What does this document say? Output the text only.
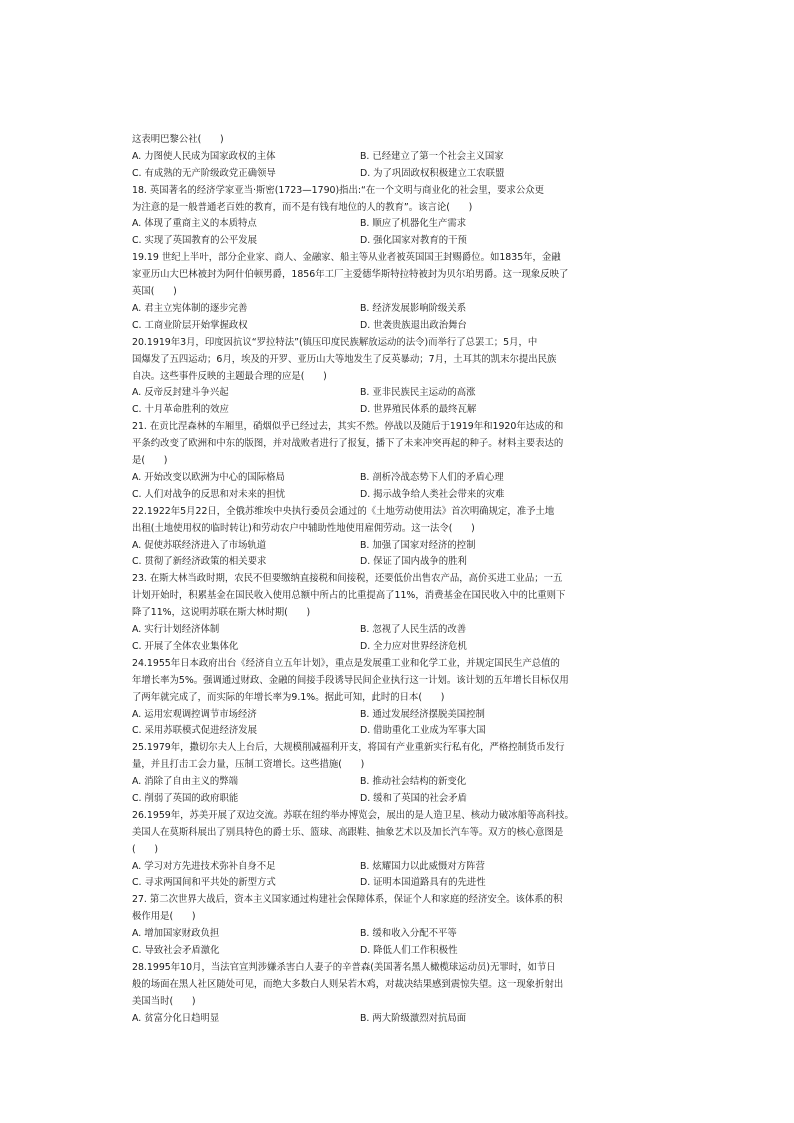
这表明巴黎公社(　　)
A. 力图使人民成为国家政权的主体	B. 已经建立了第一个社会主义国家
C. 有成熟的无产阶级政党正确领导	D. 为了巩固政权积极建立工农联盟
18. 英国著名的经济学家亚当·斯密(1723—1790)指出:“在一个文明与商业化的社会里，要求公众更
为注意的是一般普通老百姓的教育，而不是有钱有地位的人的教育”。该言论(　　)
A. 体现了重商主义的本质特点	B. 顺应了机器化生产需求
C. 实现了英国教育的公平发展	D. 强化国家对教育的干预
19.19 世纪上半叶，部分企业家、商人、金融家、船主等从业者被英国国王封赐爵位。如1835年，金融
家亚历山大巴林被封为阿什伯顿男爵，1856年工厂主爱德华斯特拉特被封为贝尔珀男爵。这一现象反映了
英国(　　)
A. 君主立宪体制的逐步完善	B. 经济发展影响阶级关系
C. 工商业阶层开始掌握政权	D. 世袭贵族退出政治舞台
20.1919年3月，印度因抗议“罗拉特法”(镇压印度民族解放运动的法令)而举行了总罢工；5月，中
国爆发了五四运动；6月，埃及的开罗、亚历山大等地发生了反英暴动；7月，土耳其的凯末尔提出民族
自决。这些事件反映的主题最合理的应是(　　)
A. 反帝反封建斗争兴起	B. 亚非民族民主运动的高涨
C. 十月革命胜利的效应	D. 世界殖民体系的最终瓦解
21. 在贡比涅森林的车厢里，硝烟似乎已经过去，其实不然。停战以及随后于1919年和1920年达成的和
平条约改变了欧洲和中东的版图，并对战败者进行了报复，播下了未来冲突再起的种子。材料主要表达的
是(　　)
A. 开始改变以欧洲为中心的国际格局	B. 剖析冷战态势下人们的矛盾心理
C. 人们对战争的反思和对未来的担忧	D. 揭示战争给人类社会带来的灾难
22.1922年5月22日，全俄苏维埃中央执行委员会通过的《土地劳动使用法》首次明确规定，准予土地
出租(土地使用权的临时转让)和劳动农户中辅助性地使用雇佣劳动。这一法令(　　)
A. 促使苏联经济进入了市场轨道	B. 加强了国家对经济的控制
C. 贯彻了新经济政策的相关要求	D. 保证了国内战争的胜利
23. 在斯大林当政时期，农民不但要缴纳直接税和间接税，还要低价出售农产品，高价买进工业品；一五
计划开始时，积累基金在国民收入使用总额中所占的比重提高了11%，消费基金在国民收入中的比重则下
降了11%，这说明苏联在斯大林时期(　　)
A. 实行计划经济体制	B. 忽视了人民生活的改善
C. 开展了全体农业集体化	D. 全力应对世界经济危机
24.1955年日本政府出台《经济自立五年计划》，重点是发展重工业和化学工业，并规定国民生产总值的
年增长率为5%。强调通过财政、金融的间接手段诱导民间企业执行这一计划。该计划的五年增长目标仅用
了两年就完成了，而实际的年增长率为9.1%。据此可知，此时的日本(　　)
A. 运用宏观调控调节市场经济	B. 通过发展经济摆脱美国控制
C. 采用苏联模式促进经济发展	D. 借助重化工业成为军事大国
25.1979年，撒切尔夫人上台后，大规模削减福利开支，将国有产业重新实行私有化，严格控制货币发行
量，并且打击工会力量，压制工资增长。这些措施(　　)
A. 消除了自由主义的弊端	B. 推动社会结构的新变化
C. 削弱了英国的政府职能	D. 缓和了英国的社会矛盾
26.1959年，苏美开展了双边交流。苏联在纽约举办博览会，展出的是人造卫星、核动力破冰船等高科技。
美国人在莫斯科展出了别具特色的爵士乐、篮球、高跟鞋、抽象艺术以及加长汽车等。双方的核心意图是
(　　)
A. 学习对方先进技术弥补自身不足	B. 炫耀国力以此威慑对方阵营
C. 寻求两国间和平共处的新型方式	D. 证明本国道路具有的先进性
27. 第二次世界大战后，资本主义国家通过构建社会保障体系，保证个人和家庭的经济安全。该体系的积
极作用是(　　)
A. 增加国家财政负担	B. 缓和收入分配不平等
C. 导致社会矛盾激化	D. 降低人们工作积极性
28.1995年10月，当法官宣判涉嫌杀害白人妻子的辛普森(美国著名黑人橄榄球运动员)无罪时，如节日
般的场面在黑人社区随处可见，而绝大多数白人则呆若木鸡，对裁决结果感到震惊失望。这一现象折射出
美国当时(　　)
A. 贫富分化日趋明显	B. 两大阶级激烈对抗局面
